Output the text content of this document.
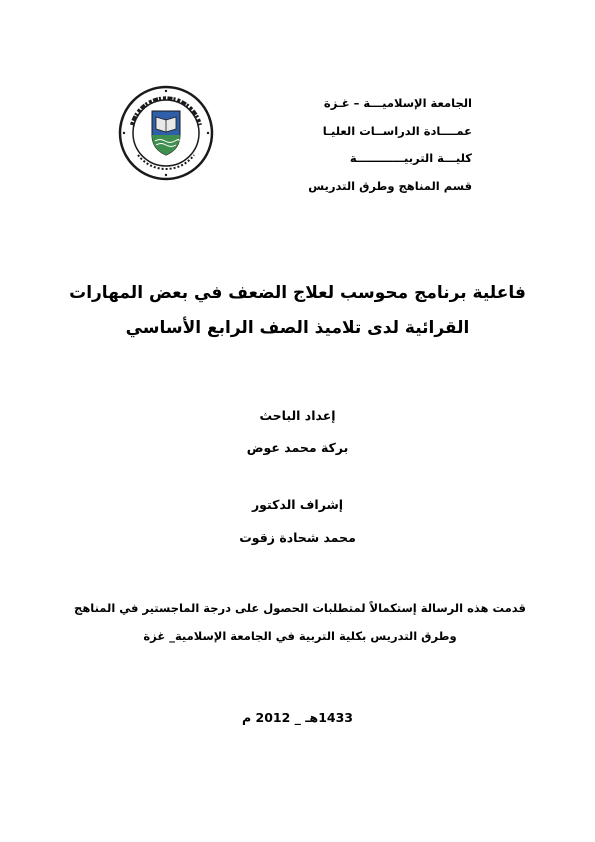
الجامعة الإسلاميـــة – غـزة
عمــــادة الدراســات العليـا
كليـــة التربيــــــــــــة
قسم المناهج وطرق التدريس
فاعلية برنامج محوسب لعلاج الضعف في بعض المهارات
القرائية لدى تلاميذ الصف الرابع الأساسي
إعداد الباحث
بركة محمد عوض
إشراف الدكتور
محمد شحادة زقوت
قدمت هذه الرسالة إستكمالاً لمتطلبات الحصول على درجة الماجستير في المناهج
وطرق التدريس بكلية التربية في الجامعة الإسلامية_ غزة
1433هـ _ 2012 م
